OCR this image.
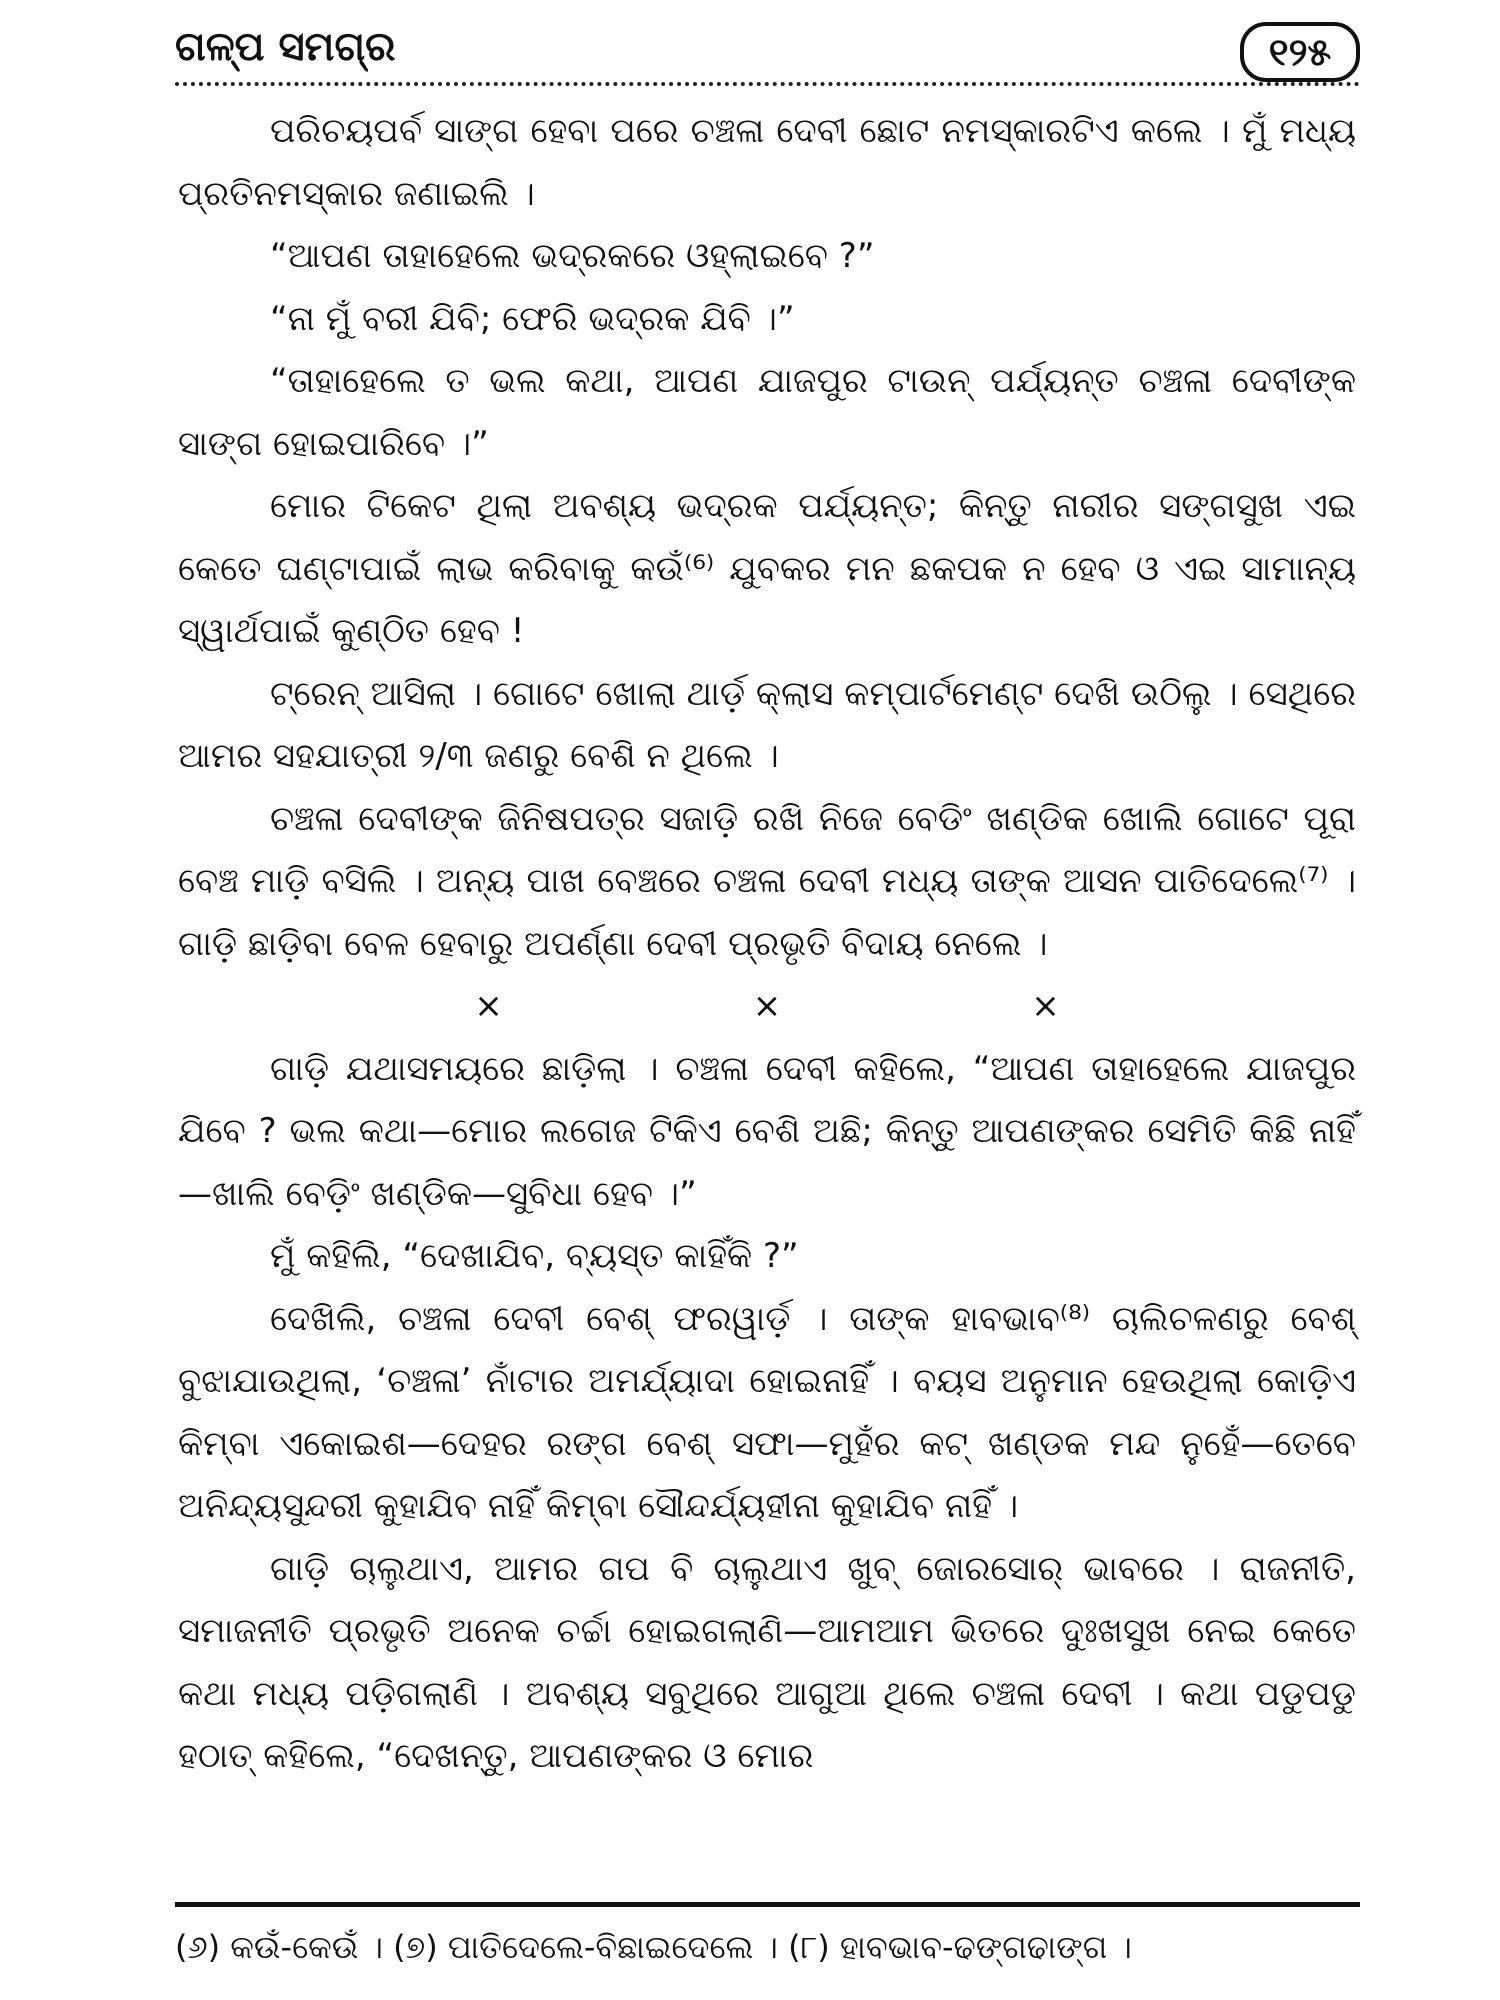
ଗଳ୍ପ ସମଗ୍ର	୧୨୫

ପରିଚୟପର୍ବ ସାଙ୍ଗ ହେବା ପରେ ଚଞ୍ଚଳା ଦେବୀ ଛୋଟ ନମସ୍କାରଟିଏ କଲେ । ମୁଁ ମଧ୍ୟ ପ୍ରତିନମସ୍କାର ଜଣାଇଲି ।

“ଆପଣ ତାହାହେଲେ ଭଦ୍ରକରେ ଓହ୍ଲାଇବେ ?”

“ନା ମୁଁ ବରୀ ଯିବି; ଫେରି ଭଦ୍ରକ ଯିବି ।”

“ତାହାହେଲେ ତ ଭଲ କଥା, ଆପଣ ଯାଜପୁର ଟାଉନ୍ ପର୍ଯ୍ୟନ୍ତ ଚଞ୍ଚଳା ଦେବୀଙ୍କ ସାଙ୍ଗ ହୋଇପାରିବେ ।”

ମୋର ଟିକେଟ ଥିଲା ଅବଶ୍ୟ ଭଦ୍ରକ ପର୍ଯ୍ୟନ୍ତ; କିନ୍ତୁ ନାରୀର ସଙ୍ଗସୁଖ ଏଇ କେତେ ଘଣ୍ଟାପାଇଁ ଲାଭ କରିବାକୁ କଉଁ⁽⁶⁾ ଯୁବକର ମନ ଛକପକ ନ ହେବ ଓ ଏଇ ସାମାନ୍ୟ ସ୍ୱାର୍ଥପାଇଁ କୁଣ୍ଠିତ ହେବ !

ଟ୍ରେନ୍ ଆସିଲା । ଗୋଟେ ଖୋଲା ଥାର୍ଡ଼ କ୍ଲାସ କମ୍ପାର୍ଟମେଣ୍ଟ ଦେଖି ଉଠିଲୁ । ସେଥିରେ ଆମର ସହଯାତ୍ରୀ ୨/୩ ଜଣରୁ ବେଶି ନ ଥିଲେ ।

ଚଞ୍ଚଳା ଦେବୀଙ୍କ ଜିନିଷପତ୍ର ସଜାଡ଼ି ରଖି ନିଜେ ବେଡିଂ ଖଣ୍ଡିକ ଖୋଲି ଗୋଟେ ପୂରା ବେଞ୍ଚ ମାଡ଼ି ବସିଲି । ଅନ୍ୟ ପାଖ ବେଞ୍ଚରେ ଚଞ୍ଚଳା ଦେବୀ ମଧ୍ୟ ତାଙ୍କ ଆସନ ପାତିଦେଲେ⁽⁷⁾ । ଗାଡ଼ି ଛାଡ଼ିବା ବେଳ ହେବାରୁ ଅପର୍ଣ୍ଣା ଦେବୀ ପ୍ରଭୃତି ବିଦାୟ ନେଲେ ।

×	×	×

ଗାଡ଼ି ଯଥାସମୟରେ ଛାଡ଼ିଲା । ଚଞ୍ଚଳା ଦେବୀ କହିଲେ, “ଆପଣ ତାହାହେଲେ ଯାଜପୁର ଯିବେ ? ଭଲ କଥା—ମୋର ଲଗେଜ ଟିକିଏ ବେଶି ଅଛି; କିନ୍ତୁ ଆପଣଙ୍କର ସେମିତି କିଛି ନାହିଁ—ଖାଲି ବେଡ଼ିଂ ଖଣ୍ଡିକ—ସୁବିଧା ହେବ ।”

ମୁଁ କହିଲି, “ଦେଖାଯିବ, ବ୍ୟସ୍ତ କାହିଁକି ?”

ଦେଖିଲି, ଚଞ୍ଚଳା ଦେବୀ ବେଶ୍ ଫରୱାର୍ଡ଼ । ତାଙ୍କ ହାବଭାବ⁽⁸⁾ ଚାଲିଚଳଣରୁ ବେଶ୍ ବୁଝାଯାଉଥିଲା, ‘ଚଞ୍ଚଳା’ ନାଁଟାର ଅମର୍ଯ୍ୟାଦା ହୋଇନାହିଁ । ବୟସ ଅନୁମାନ ହେଉଥିଲା କୋଡ଼ିଏ କିମ୍ବା ଏକୋଇଶ—ଦେହର ରଙ୍ଗ ବେଶ୍ ସଫା—ମୁହଁର କଟ୍ ଖଣ୍ଡକ ମନ୍ଦ ନୁହେଁ—ତେବେ ଅନିନ୍ଦ୍ୟସୁନ୍ଦରୀ କୁହାଯିବ ନାହିଁ କିମ୍ବା ସୌନ୍ଦର୍ଯ୍ୟହୀନା କୁହାଯିବ ନାହିଁ ।

ଗାଡ଼ି ଚାଲୁଥାଏ, ଆମର ଗପ ବି ଚାଲୁଥାଏ ଖୁବ୍ ଜୋରସୋର୍ ଭାବରେ । ରାଜନୀତି, ସମାଜନୀତି ପ୍ରଭୃତି ଅନେକ ଚର୍ଚ୍ଚା ହୋଇଗଲାଣି—ଆମଆମ ଭିତରେ ଦୁଃଖସୁଖ ନେଇ କେତେ କଥା ମଧ୍ୟ ପଡ଼ିଗଲାଣି । ଅବଶ୍ୟ ସବୁଥିରେ ଆଗୁଆ ଥିଲେ ଚଞ୍ଚଳା ଦେବୀ । କଥା ପଡୁପଡୁ ହଠାତ୍ କହିଲେ, “ଦେଖନ୍ତୁ, ଆପଣଙ୍କର ଓ ମୋର

(୬) କଉଁ-କେଉଁ । (୭) ପାତିଦେଲେ-ବିଛାଇଦେଲେ । (୮) ହାବଭାବ-ଢଙ୍ଗଢାଙ୍ଗ ।
